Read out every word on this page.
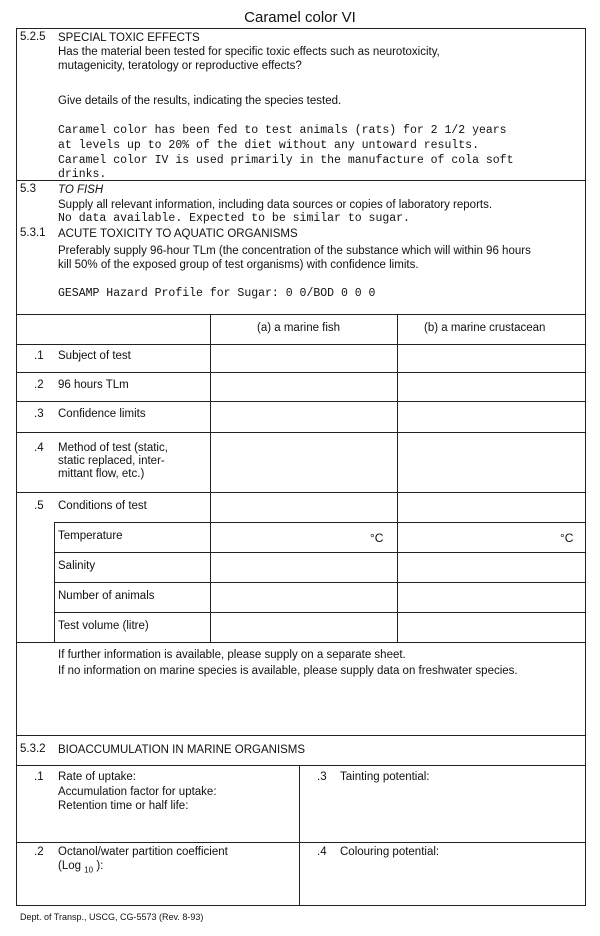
Caramel color VI
5.2.5 SPECIAL TOXIC EFFECTS
Has the material been tested for specific toxic effects such as neurotoxicity,
mutagenicity, teratology or reproductive effects?
Give details of the results, indicating the species tested.
Caramel color has been fed to test animals (rats) for 2 1/2 years
at levels up to 20% of the diet without any untoward results.
Caramel color IV is used primarily in the manufacture of cola soft
drinks.
5.3 TO FISH
Supply all relevant information, including data sources or copies of laboratory reports.
No data available. Expected to be similar to sugar.
5.3.1 ACUTE TOXICITY TO AQUATIC ORGANISMS
Preferably supply 96-hour TLm (the concentration of the substance which will within 96 hours
kill 50% of the exposed group of test organisms) with confidence limits.
GESAMP Hazard Profile for Sugar: 0 0/BOD 0 0 0
(a) a marine fish	(b) a marine crustacean
.1 Subject of test
.2 96 hours TLm
.3 Confidence limits
.4 Method of test (static,
static replaced, inter-
mittant flow, etc.)
.5 Conditions of test
Temperature	°C	°C
Salinity
Number of animals
Test volume (litre)
If further information is available, please supply on a separate sheet.
If no information on marine species is available, please supply data on freshwater species.
5.3.2 BIOACCUMULATION IN MARINE ORGANISMS
.1 Rate of uptake:
Accumulation factor for uptake:
Retention time or half life:
.3 Tainting potential:
.2 Octanol/water partition coefficient
(Log $_{10}$ ):
.4 Colouring potential:
Dept. of Transp., USCG, CG-5573 (Rev. 8-93)
